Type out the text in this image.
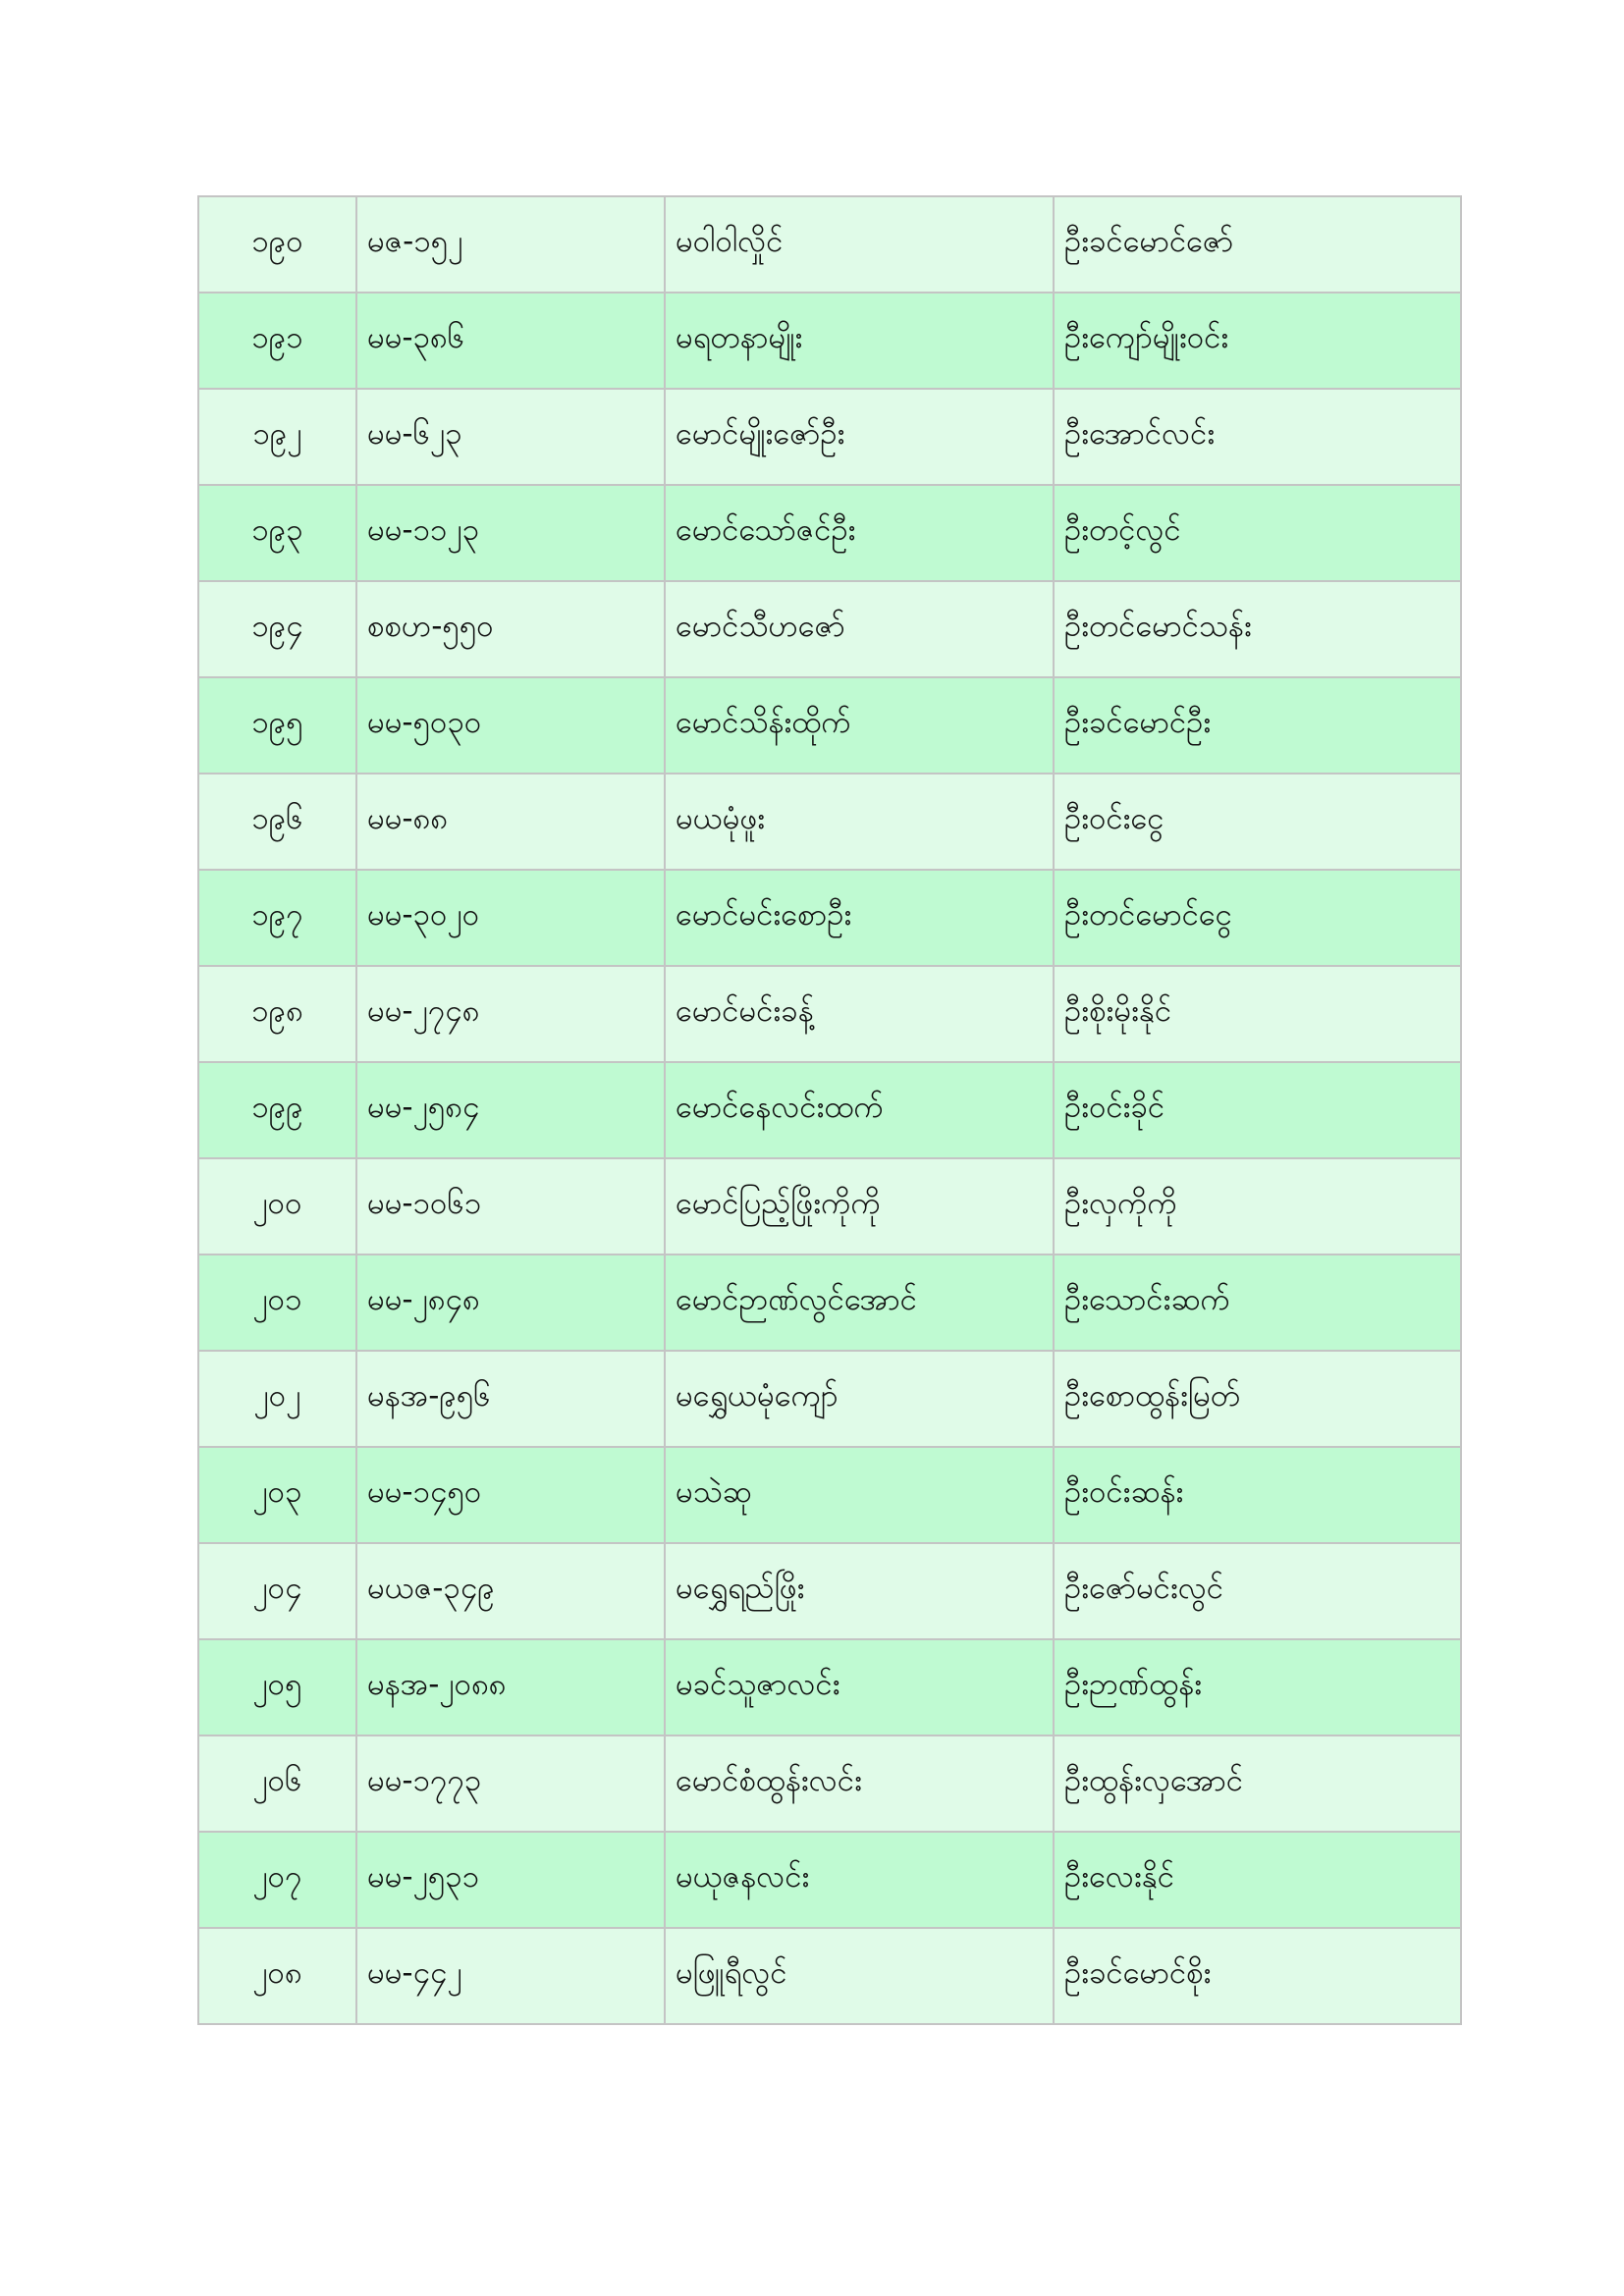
၁၉၀	မဇ-၁၅၂	မဝါဝါလှိုင်	ဦးခင်မောင်ဇော်
၁၉၁	မမ-၃၈၆	မရတနာမျိုး	ဦးကျော်မျိုးဝင်း
၁၉၂	မမ-၆၂၃	မောင်မျိုးဇော်ဦး	ဦးအောင်လင်း
၁၉၃	မမ-၁၁၂၃	မောင်သော်ဇင်ဦး	ဦးတင့်လွင်
၁၉၄	စစဟ-၅၅၀	မောင်သီဟဇော်	ဦးတင်မောင်သန်း
၁၉၅	မမ-၅၀၃၀	မောင်သိန်းထိုက်	ဦးခင်မောင်ဦး
၁၉၆	မမ-၈၈	မယမုံဖူး	ဦးဝင်းငွေ
၁၉၇	မမ-၃၀၂၀	မောင်မင်းစောဦး	ဦးတင်မောင်ငွေ
၁၉၈	မမ-၂၇၄၈	မောင်မင်းခန့်	ဦးစိုးမိုးနိုင်
၁၉၉	မမ-၂၅၈၄	မောင်နေလင်းထက်	ဦးဝင်းခိုင်
၂၀၀	မမ-၁၀၆၁	မောင်ပြည့်ဖြိုးကိုကို	ဦးလှကိုကို
၂၀၁	မမ-၂၈၄၈	မောင်ဉာဏ်လွင်အောင်	ဦးသောင်းဆက်
၂၀၂	မနအ-၉၅၆	မရွှေယမုံကျော်	ဦးစောထွန်းမြတ်
၂၀၃	မမ-၁၄၅၀	မသဲဆု	ဦးဝင်းဆန်း
၂၀၄	မယဇ-၃၄၉	မရွှေရည်ဖြိုး	ဦးဇော်မင်းလွင်
၂၀၅	မနအ-၂၀၈၈	မခင်သူဇာလင်း	ဦးဉာဏ်ထွန်း
၂၀၆	မမ-၁၇၇၃	မောင်စံထွန်းလင်း	ဦးထွန်းလှအောင်
၂၀၇	မမ-၂၅၃၁	မယုဇနလင်း	ဦးလေးနိုင်
၂၀၈	မမ-၄၄၂	မဖြူရီလွင်	ဦးခင်မောင်စိုး
